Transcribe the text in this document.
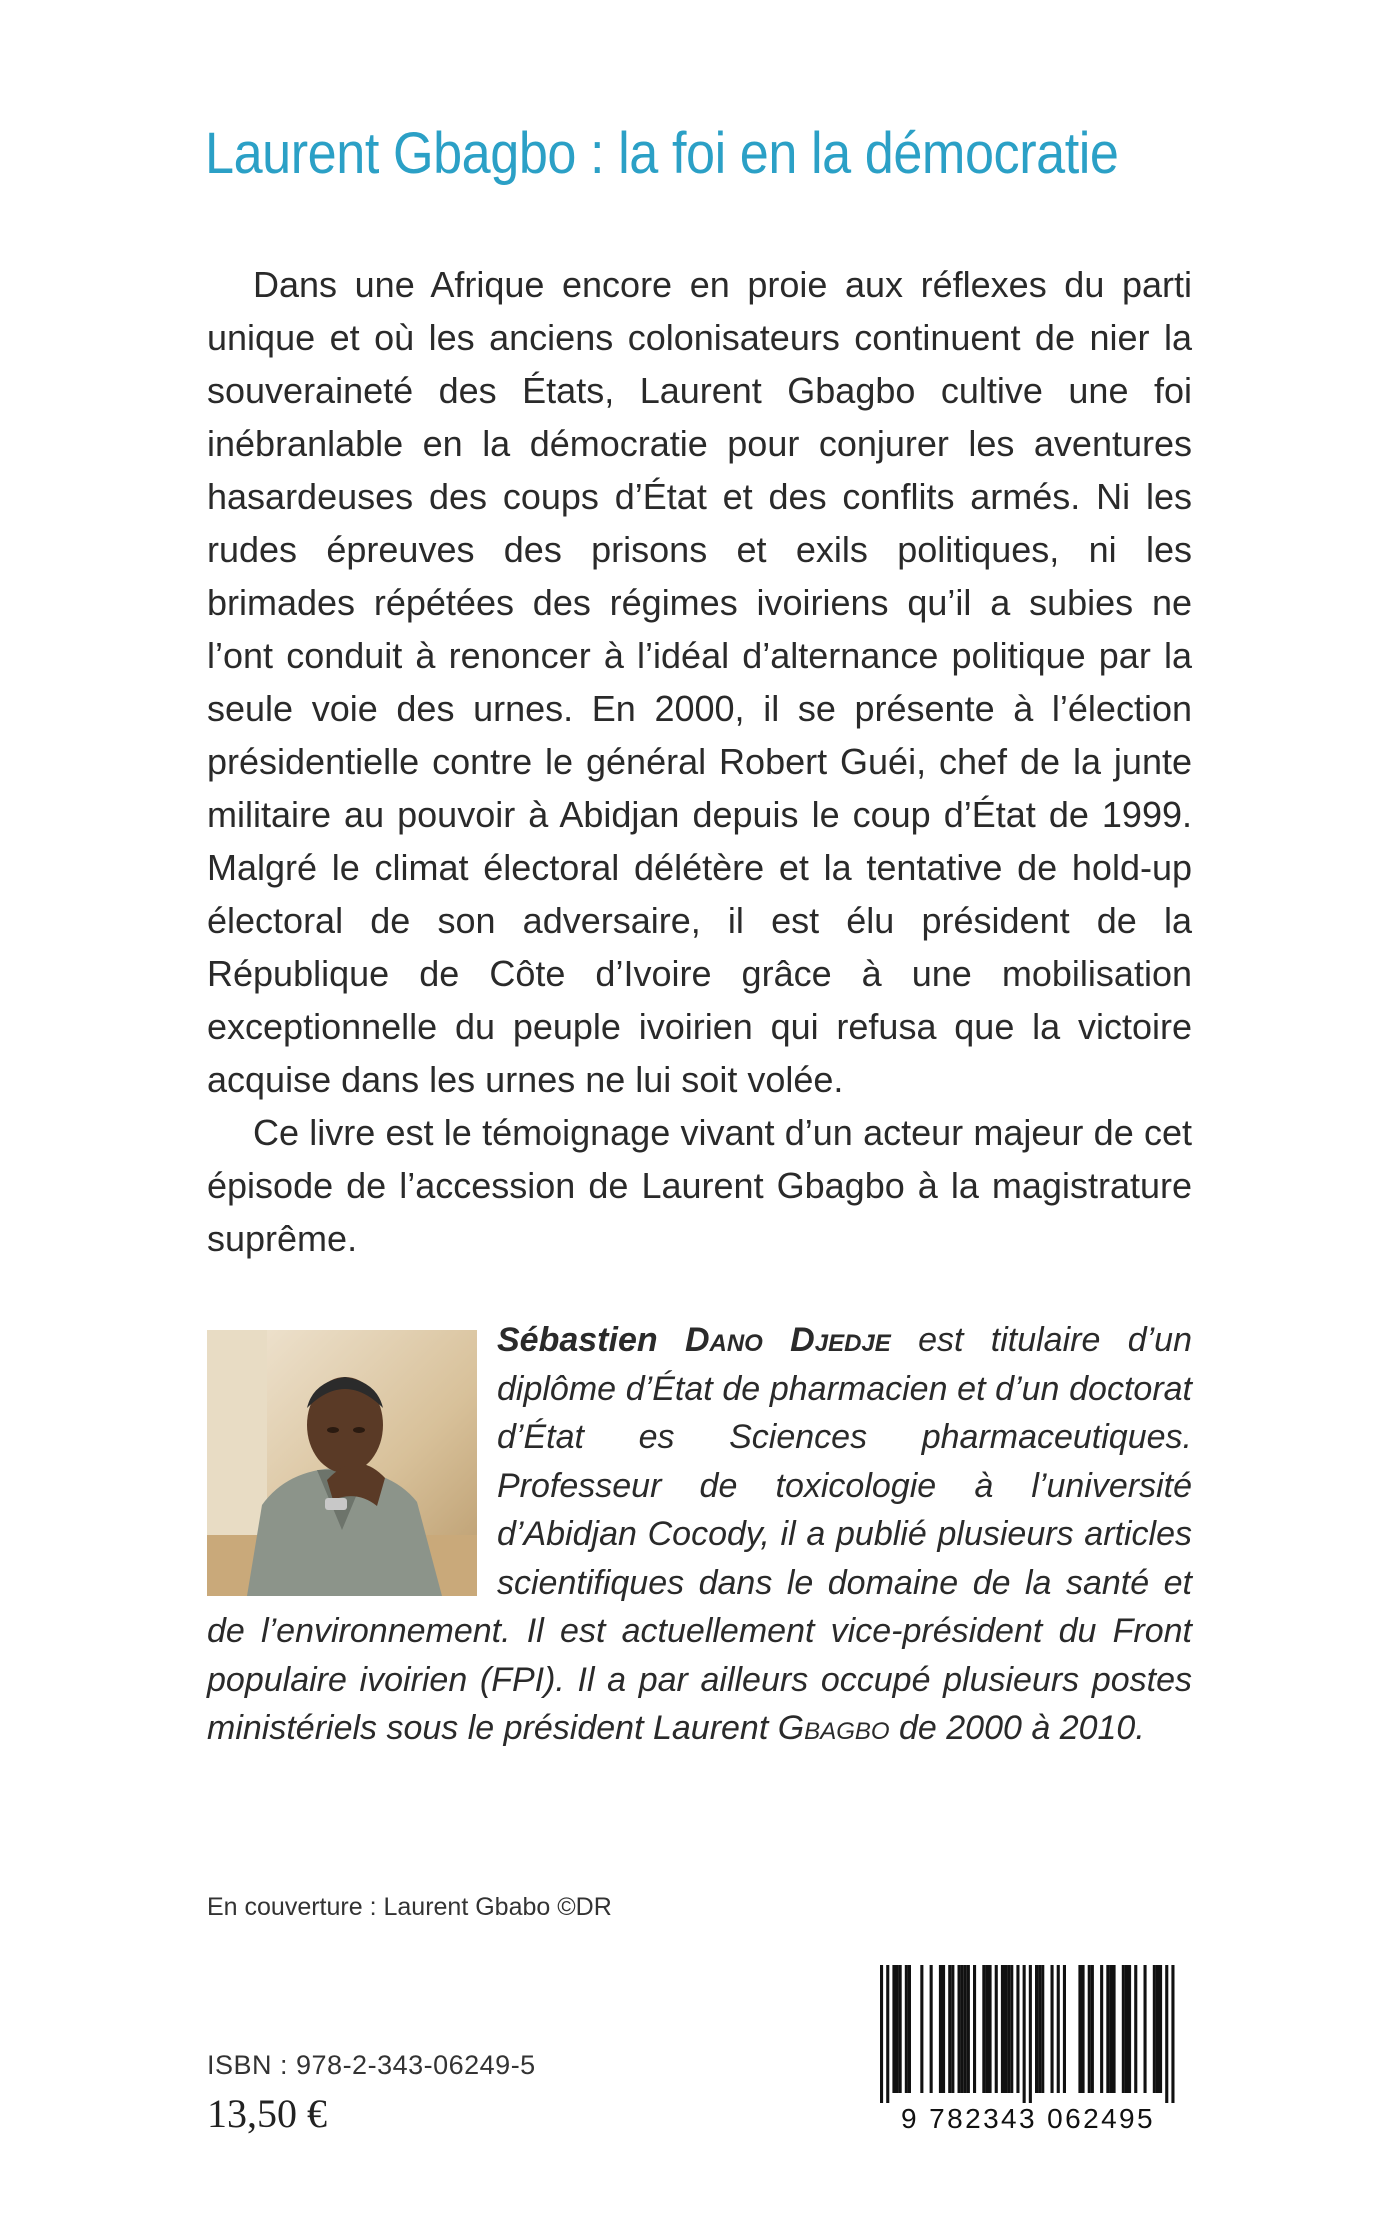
Laurent Gbagbo : la foi en la démocratie

Dans une Afrique encore en proie aux réflexes du parti unique et où les anciens colonisateurs continuent de nier la souveraineté des États, Laurent Gbagbo cultive une foi inébranlable en la démocratie pour conjurer les aventures hasardeuses des coups d’État et des conflits armés. Ni les rudes épreuves des prisons et exils politiques, ni les brimades répétées des régimes ivoiriens qu’il a subies ne l’ont conduit à renoncer à l’idéal d’alternance politique par la seule voie des urnes. En 2000, il se présente à l’élection présidentielle contre le général Robert Guéi, chef de la junte militaire au pouvoir à Abidjan depuis le coup d’État de 1999. Malgré le climat électoral délétère et la tentative de hold-up électoral de son adversaire, il est élu président de la République de Côte d’Ivoire grâce à une mobilisation exceptionnelle du peuple ivoirien qui refusa que la victoire acquise dans les urnes ne lui soit volée.

Ce livre est le témoignage vivant d’un acteur majeur de cet épisode de l’accession de Laurent Gbagbo à la magistrature suprême.

Sébastien Dano Djedje est titulaire d’un diplôme d’État de pharmacien et d’un doctorat d’État es Sciences pharmaceutiques. Professeur de toxicologie à l’université d’Abidjan Cocody, il a publié plusieurs articles scientifiques dans le domaine de la santé et de l’environnement. Il est actuellement vice-président du Front populaire ivoirien (FPI). Il a par ailleurs occupé plusieurs postes ministériels sous le président Laurent Gbagbo de 2000 à 2010.
En couverture : Laurent Gbabo ©DR
ISBN : 978-2-343-06249-5
13,50 €	9 782343 062495
